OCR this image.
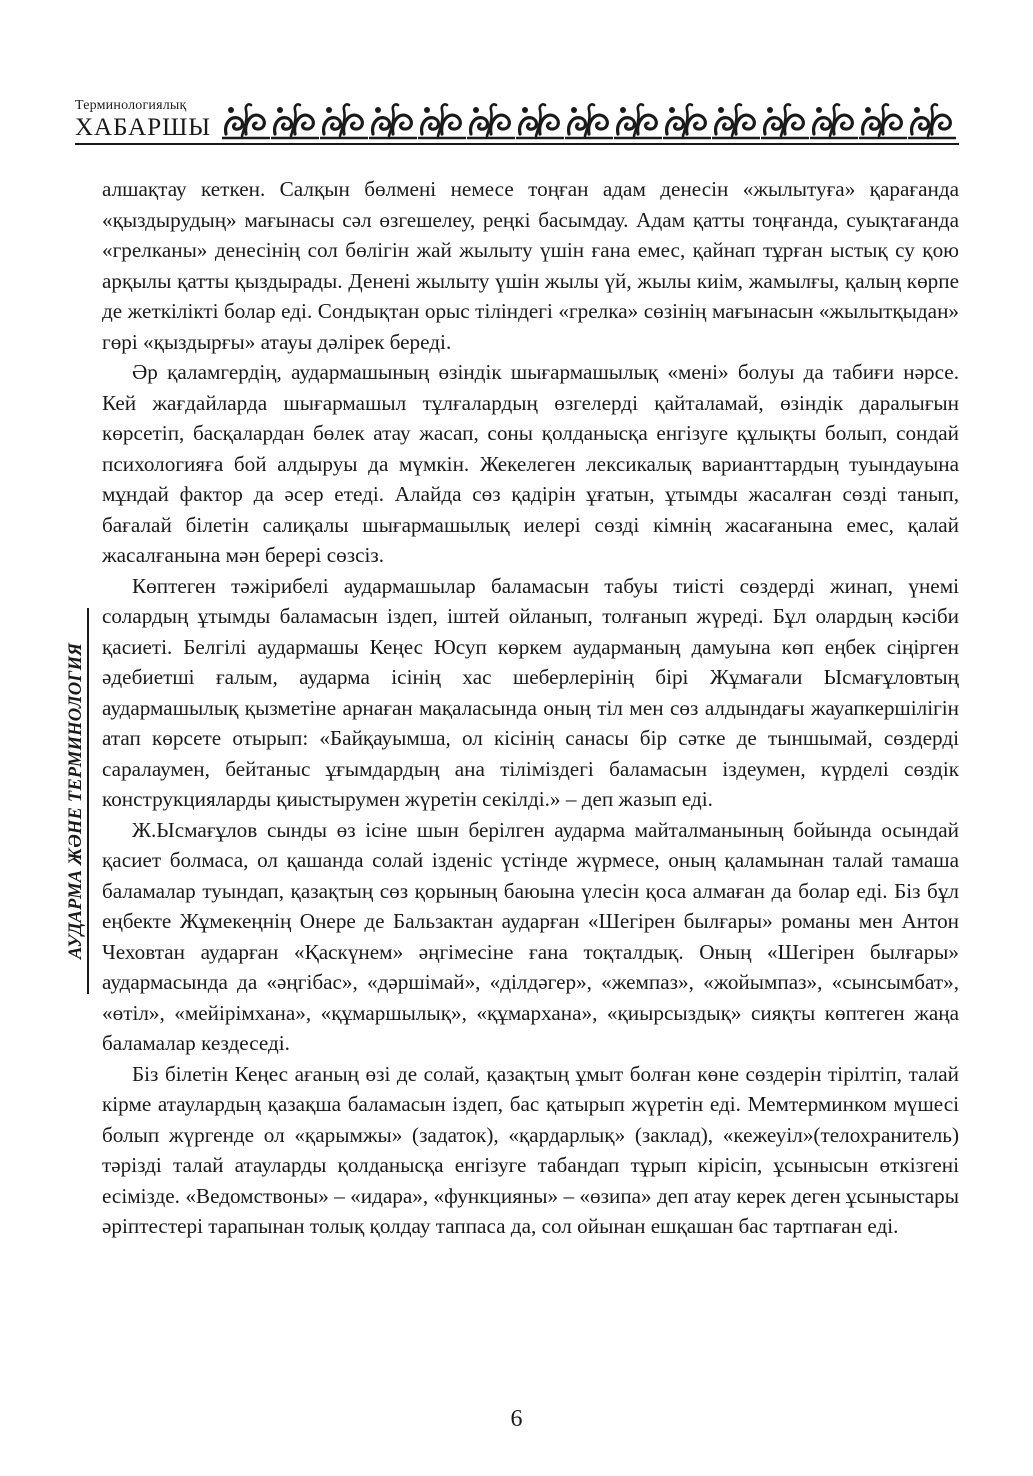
Терминологиялық
ХАБАРШЫ
АУДАРМА ЖӘНЕ ТЕРМИНОЛОГИЯ

алшақтау кеткен. Салқын бөлмені немесе тоңған адам денесін «жылытуға» қарағанда «қыздырудың» мағынасы сәл өзгешелеу, реңкі басымдау. Адам қатты тоңғанда, суықтағанда «грелканы» денесінің сол бөлігін жай жылыту үшін ғана емес, қайнап тұрған ыстық су қою арқылы қатты қыздырады. Денені жылыту үшін жылы үй, жылы киім, жамылғы, қалың көрпе де жеткілікті болар еді. Сондықтан орыс тіліндегі «грелка» сөзінің мағынасын «жылытқыдан» гөрі «қыздырғы» атауы дәлірек береді.

Әр қаламгердің, аудармашының өзіндік шығармашылық «мені» болуы да табиғи нәрсе. Кей жағдайларда шығармашыл тұлғалардың өзгелерді қайталамай, өзіндік даралығын көрсетіп, басқалардан бөлек атау жасап, соны қолданысқа енгізуге құлықты болып, сондай психологияға бой алдыруы да мүмкін. Жекелеген лексикалық варианттардың туындауына мұндай фактор да әсер етеді. Алайда сөз қадірін ұғатын, ұтымды жасалған сөзді танып, бағалай білетін салиқалы шығармашылық иелері сөзді кімнің жасағанына емес, қалай жасалғанына мән берері сөзсіз.

Көптеген тәжірибелі аудармашылар баламасын табуы тиісті сөздерді жинап, үнемі солардың ұтымды баламасын іздеп, іштей ойланып, толғанып жүреді. Бұл олардың кәсіби қасиеті. Белгілі аудармашы Кеңес Юсуп көркем аударманың дамуына көп еңбек сіңірген әдебиетші ғалым, аударма ісінің хас шеберлерінің бірі Жұмағали Ысмағұловтың аудармашылық қызметіне арнаған мақаласында оның тіл мен сөз алдындағы жауапкершілігін атап көрсете отырып: «Байқауымша, ол кісінің санасы бір сәтке де тыншымай, сөздерді саралаумен, бейтаныс ұғымдардың ана тіліміздегі баламасын іздеумен, күрделі сөздік конструкцияларды қиыстырумен жүретін секілді.» – деп жазып еді.

Ж.Ысмағұлов сынды өз ісіне шын берілген аударма майталманының бойында осындай қасиет болмаса, ол қашанда солай ізденіс үстінде жүрмесе, оның қаламынан талай тамаша баламалар туындап, қазақтың сөз қорының баюына үлесін қоса алмаған да болар еді. Біз бұл еңбекте Жұмекеңнің Онере де Бальзактан аударған «Шегірен былғары» романы мен Антон Чеховтан аударған «Қаскүнем» әңгімесіне ғана тоқталдық. Оның «Шегірен былғары» аудармасында да «әңгібас», «дәршімай», «ділдәгер», «жемпаз», «жойымпаз», «сынсымбат», «өтіл», «мейірімхана», «құмаршылық», «құмархана», «қиырсыздық» сияқты көптеген жаңа баламалар кездеседі.

Біз білетін Кеңес ағаның өзі де солай, қазақтың ұмыт болған көне сөздерін тірілтіп, талай кірме атаулардың қазақша баламасын іздеп, бас қатырып жүретін еді. Мемтерминком мүшесі болып жүргенде ол «қарымжы» (задаток), «қардарлық» (заклад), «кежеуіл»(телохранитель) тәрізді талай атауларды қолданысқа енгізуге табандап тұрып кірісіп, ұсынысын өткізгені есімізде. «Ведомствоны» – «идара», «функцияны» – «өзипа» деп атау керек деген ұсыныстары әріптестері тарапынан толық қолдау таппаса да, сол ойынан ешқашан бас тартпаған еді.

6
